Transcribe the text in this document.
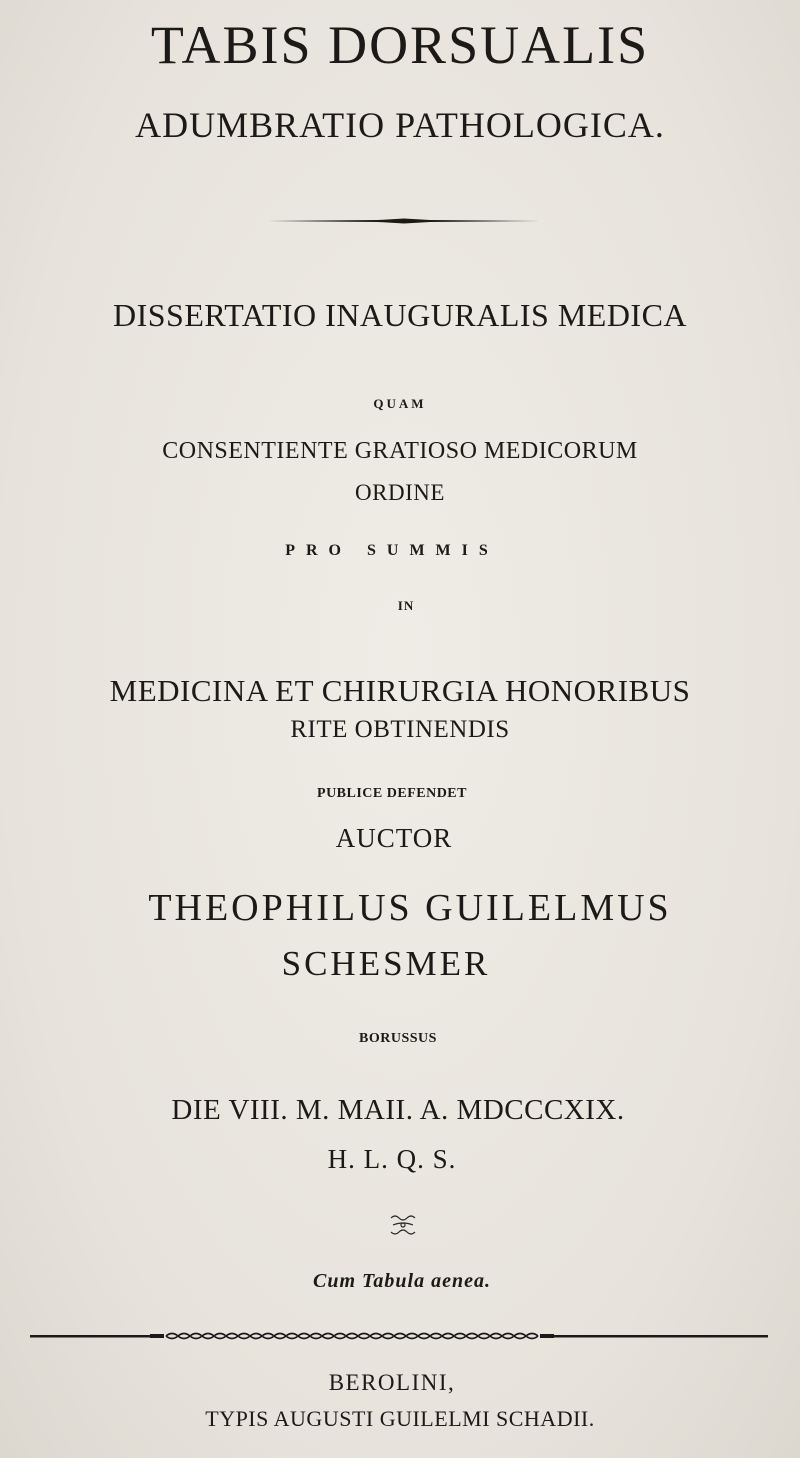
TABIS DORSUALIS
ADUMBRATIO PATHOLOGICA.
DISSERTATIO INAUGURALIS MEDICA
QUAM
CONSENTIENTE GRATIOSO MEDICORUM
ORDINE
PRO SUMMIS
IN
MEDICINA ET CHIRURGIA HONORIBUS
RITE OBTINENDIS
PUBLICE DEFENDET
AUCTOR
THEOPHILUS GUILELMUS
SCHESMER
BORUSSUS
DIE VIII. M. MAII. A. MDCCCXIX.
H. L. Q. S.
Cum Tabula aenea.
BEROLINI,
TYPIS AUGUSTI GUILELMI SCHADII.
